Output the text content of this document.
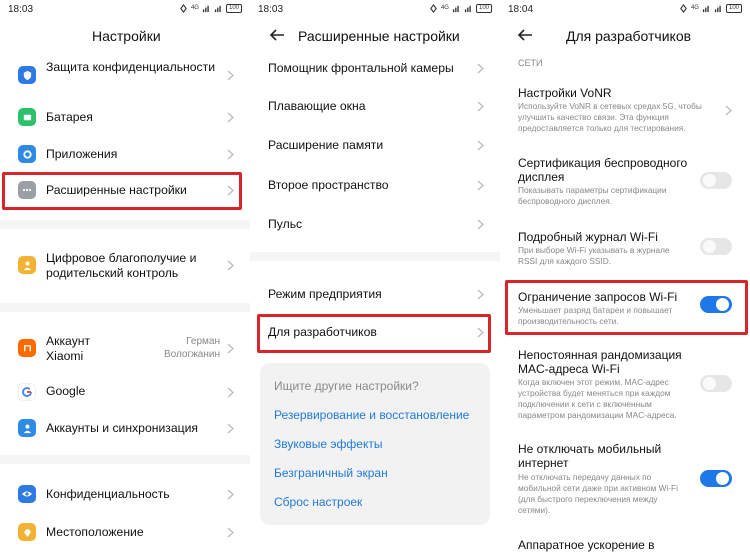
18:03	4G	100
Настройки
Защита конфиденциальности
Батарея
Приложения
Расширенные настройки
Цифровое благополучие и родительский контроль
Аккаунт Xiaomi
Герман Вологжанин
Google
Аккаунты и синхронизация
Конфиденциальность
Местоположение
18:03	4G	100
Расширенные настройки
Помощник фронтальной камеры
Плавающие окна
Расширение памяти
Второе пространство
Пульс
Режим предприятия
Для разработчиков
Ищите другие настройки?
Резервирование и восстановление
Звуковые эффекты
Безграничный экран
Сброс настроек
18:04	4G	100
Для разработчиков
СЕТИ
Настройки VoNR
Используйте VoNR в сетевых средах 5G, чтобы улучшить качество связи. Эта функция предоставляется только для тестирования.
Сертификация беспроводного дисплея
Показывать параметры сертификации беспроводного дисплея.
Подробный журнал Wi-Fi
При выборе Wi-Fi указывать в журнале RSSI для каждого SSID.
Ограничение запросов Wi-Fi
Уменьшает разряд батареи и повышает производительность сети.
Непостоянная рандомизация MAC-адреса Wi-Fi
Когда включен этот режим, MAC-адрес устройства будет меняться при каждом подключении к сети с включенным параметром рандомизации MAC-адреса.
Не отключать мобильный интернет
Не отключать передачу данных по мобильной сети даже при активном Wi-Fi (для быстрого переключения между сетями).
Аппаратное ускорение в
